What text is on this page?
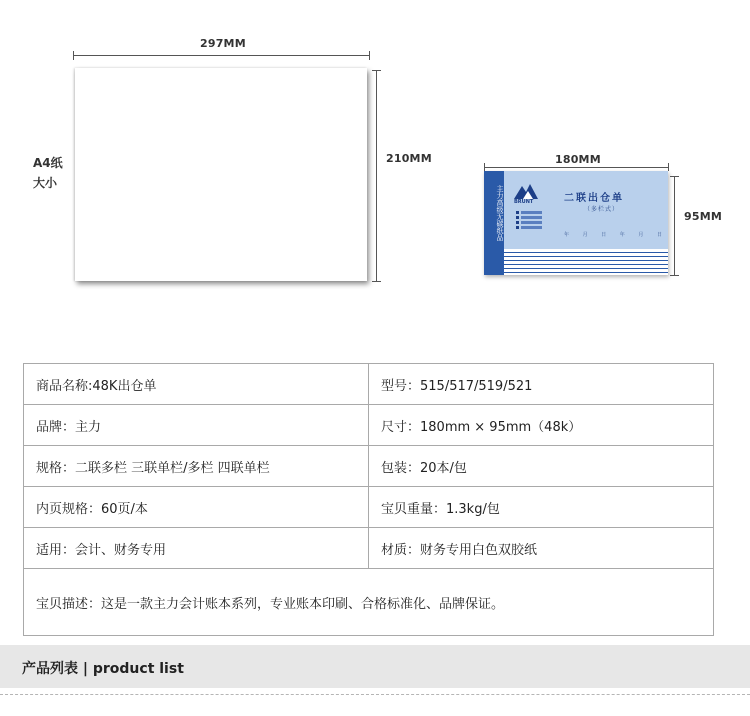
297MM
210MM
A4纸
大小
180MM
主力高级无碳纸品 BRUNT	二联出仓单
（多栏式）
年 月 日 年 月 日
95MM
商品名称:48K出仓单	型号：515/517/519/521
品牌：主力	尺寸：180mm × 95mm（48k）
规格：二联多栏 三联单栏/多栏 四联单栏	包装：20本/包
内页规格：60页/本	宝贝重量：1.3kg/包
适用：会计、财务专用	材质：财务专用白色双胶纸
宝贝描述：这是一款主力会计账本系列，专业账本印刷、合格标准化、品牌保证。	
产品列表 | product list
